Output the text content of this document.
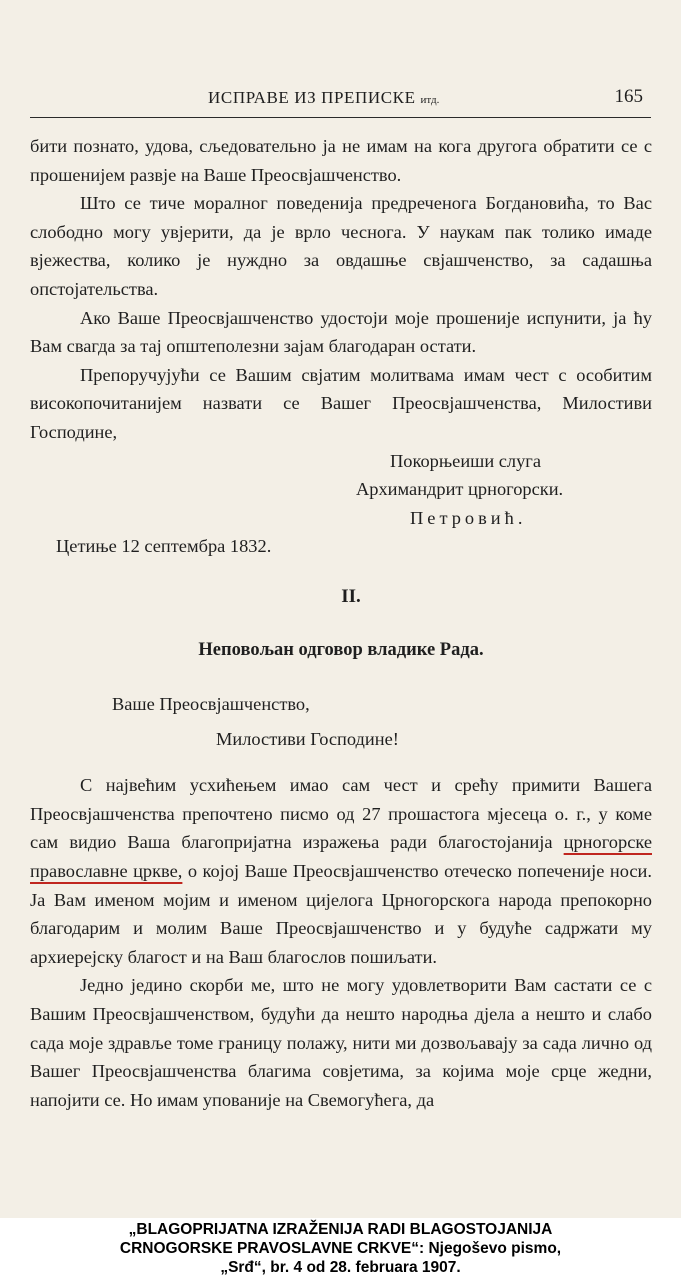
ИСПРАВЕ ИЗ ПРЕПИСКЕ итд.	165

бити познато, удова, сљедовательно ја не имам на кога другога обратити се с прошенијем развје на Ваше Преосвјашченство.

Што се тиче моралног поведенија предреченога Богдановића, то Вас слободно могу увјерити, да је врло чесногa. У наукам пак толико имаде вјежества, колико је нуждно за овдашње свјашченство, за садашња опстојательства.

Ако Ваше Преосвјашченство удостоји моје прошеније испунити, ја ћу Вам свагда за тај општеполезни зајам благодаран остати.

Препоручујући се Вашим свјатим молитвама имам чест с особитим високопочитанијем назвати се Вашег Преосвјашченства, Милостиви Господине,

Покорњеиши слуга

Архимандрит црногорски.

Петровић.

Цетиње 12 септембра 1832.

II.

Неповољан одговор владике Рада.

Ваше Преосвјашченство,

Милостиви Господине!

С највећим усхићењем имао сам чест и срећу примити Вашега Преосвјашченства препочтено писмо од 27 прошастога мјесеца о. г., у коме сам видио Ваша благопријатна изражења ради благостојанија црногорске православне цркве, о којој Ваше Преосвјашченство отеческо попеченије носи. Ја Вам именом мојим и именом цијелога Црногорскога народа препокорно благодарим и молим Ваше Преосвјашченство и у будуће садржати му архиерејску благост и на Ваш благослов пошиљати.

Једно једино скорби ме, што не могу удовлетворити Вам састати се с Вашим Преосвјашченством, будући да нешто народња дјела а нешто и слабо сада моје здравље томе границу полажу, нити ми дозвољавају за сада лично од Вашег Преосвјашченства благима совјетима, за којима моје срце жедни, напојити се. Но имам упованије на Свемогућега, да

„BLAGOPRIJATNA IZRAŽENIJA RADI BLAGOSTOJANIJA
CRNOGORSKE PRAVOSLAVNE CRKVE“: Njegoševo pismo,
„Srđ“, br. 4 od 28. februara 1907.
